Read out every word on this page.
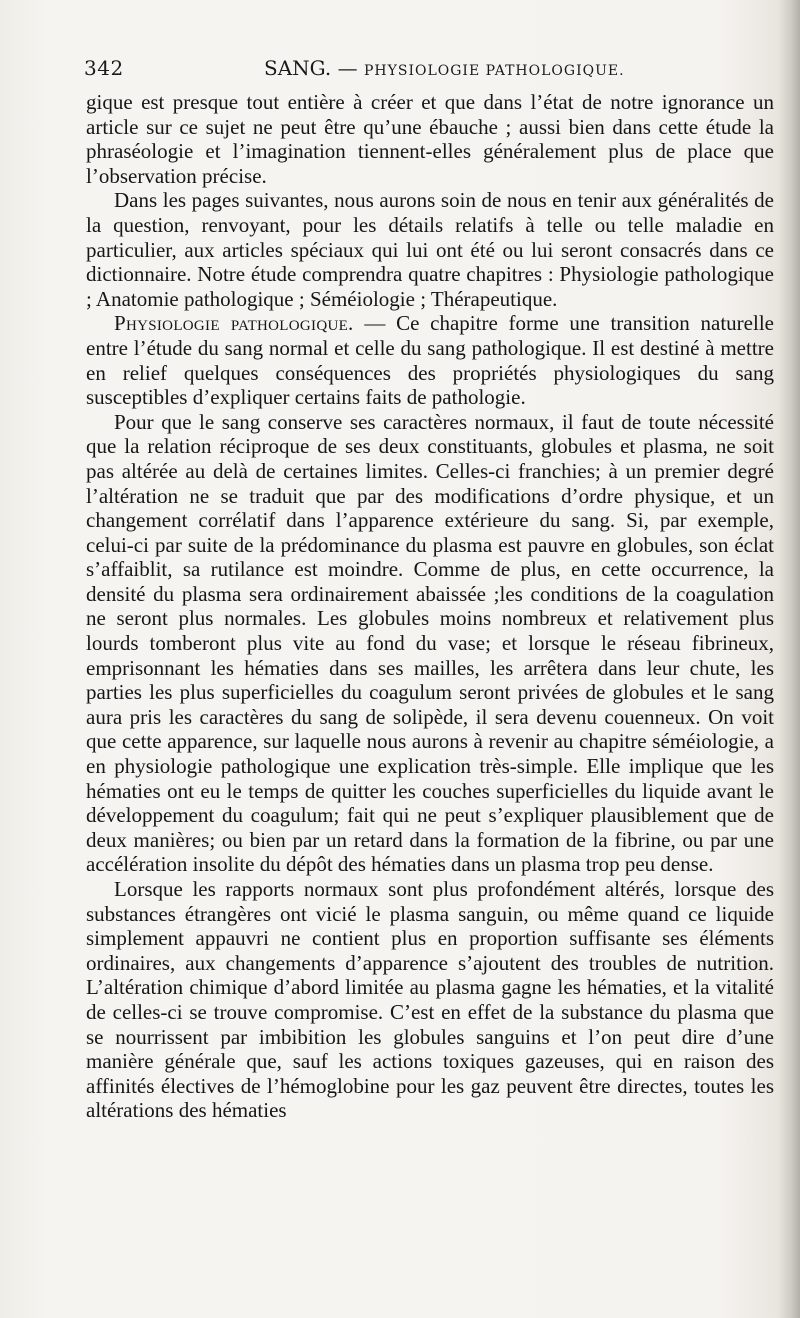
342	SANG. — PHYSIOLOGIE PATHOLOGIQUE.

gique est presque tout entière à créer et que dans l’état de notre ignorance un article sur ce sujet ne peut être qu’une ébauche ; aussi bien dans cette étude la phraséologie et l’imagination tiennent-elles généralement plus de place que l’observation précise.

Dans les pages suivantes, nous aurons soin de nous en tenir aux généralités de la question, renvoyant, pour les détails relatifs à telle ou telle maladie en particulier, aux articles spéciaux qui lui ont été ou lui seront consacrés dans ce dictionnaire. Notre étude comprendra quatre chapitres : Physiologie pathologique ; Anatomie pathologique ; Séméiologie ; Thérapeutique.

Physiologie pathologique. — Ce chapitre forme une transition naturelle entre l’étude du sang normal et celle du sang pathologique. Il est destiné à mettre en relief quelques conséquences des propriétés physiologiques du sang susceptibles d’expliquer certains faits de pathologie.

Pour que le sang conserve ses caractères normaux, il faut de toute nécessité que la relation réciproque de ses deux constituants, globules et plasma, ne soit pas altérée au delà de certaines limites. Celles-ci franchies; à un premier degré l’altération ne se traduit que par des modifications d’ordre physique, et un changement corrélatif dans l’apparence extérieure du sang. Si, par exemple, celui-ci par suite de la prédominance du plasma est pauvre en globules, son éclat s’affaiblit, sa rutilance est moindre. Comme de plus, en cette occurrence, la densité du plasma sera ordinairement abaissée ;les conditions de la coagulation ne seront plus normales. Les globules moins nombreux et relativement plus lourds tomberont plus vite au fond du vase; et lorsque le réseau fibrineux, emprisonnant les hématies dans ses mailles, les arrêtera dans leur chute, les parties les plus superficielles du coagulum seront privées de globules et le sang aura pris les caractères du sang de solipède, il sera devenu couenneux. On voit que cette apparence, sur laquelle nous aurons à revenir au chapitre séméiologie, a en physiologie pathologique une explication très-simple. Elle implique que les hématies ont eu le temps de quitter les couches superficielles du liquide avant le développement du coagulum; fait qui ne peut s’expliquer plausiblement que de deux manières; ou bien par un retard dans la formation de la fibrine, ou par une accélération insolite du dépôt des hématies dans un plasma trop peu dense.

Lorsque les rapports normaux sont plus profondément altérés, lorsque des substances étrangères ont vicié le plasma sanguin, ou même quand ce liquide simplement appauvri ne contient plus en proportion suffisante ses éléments ordinaires, aux changements d’apparence s’ajoutent des troubles de nutrition. L’altération chimique d’abord limitée au plasma gagne les hématies, et la vitalité de celles-ci se trouve compromise. C’est en effet de la substance du plasma que se nourrissent par imbibition les globules sanguins et l’on peut dire d’une manière générale que, sauf les actions toxiques gazeuses, qui en raison des affinités électives de l’hémoglobine pour les gaz peuvent être directes, toutes les altérations des hématies
